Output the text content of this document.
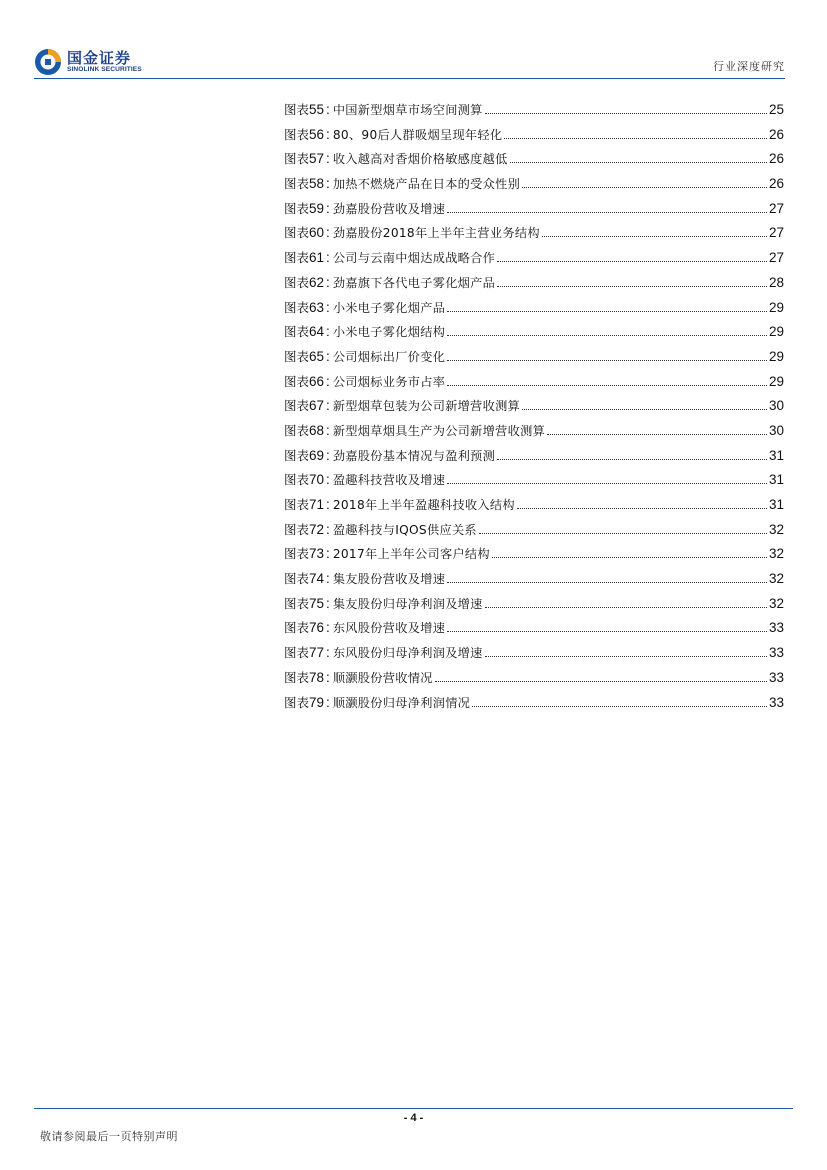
国金证券
SINOLINK SECURITIES	行业深度研究
图表 55 : 中国新型烟草市场空间测算	25
图表 56 : 80、90后人群吸烟呈现年轻化	26
图表 57 : 收入越高对香烟价格敏感度越低	26
图表 58 : 加热不燃烧产品在日本的受众性别	26
图表 59 : 劲嘉股份营收及增速	27
图表 60 : 劲嘉股份2018年上半年主营业务结构	27
图表 61 : 公司与云南中烟达成战略合作	27
图表 62 : 劲嘉旗下各代电子雾化烟产品	28
图表 63 : 小米电子雾化烟产品	29
图表 64 : 小米电子雾化烟结构	29
图表 65 : 公司烟标出厂价变化	29
图表 66 : 公司烟标业务市占率	29
图表 67 : 新型烟草包装为公司新增营收测算	30
图表 68 : 新型烟草烟具生产为公司新增营收测算	30
图表 69 : 劲嘉股份基本情况与盈利预测	31
图表 70 : 盈趣科技营收及增速	31
图表 71 : 2018年上半年盈趣科技收入结构	31
图表 72 : 盈趣科技与IQOS供应关系	32
图表 73 : 2017年上半年公司客户结构	32
图表 74 : 集友股份营收及增速	32
图表 75 : 集友股份归母净利润及增速	32
图表 76 : 东风股份营收及增速	33
图表 77 : 东风股份归母净利润及增速	33
图表 78 : 顺灏股份营收情况	33
图表 79 : 顺灏股份归母净利润情况	33
- 4 -
敬请参阅最后一页特别声明
